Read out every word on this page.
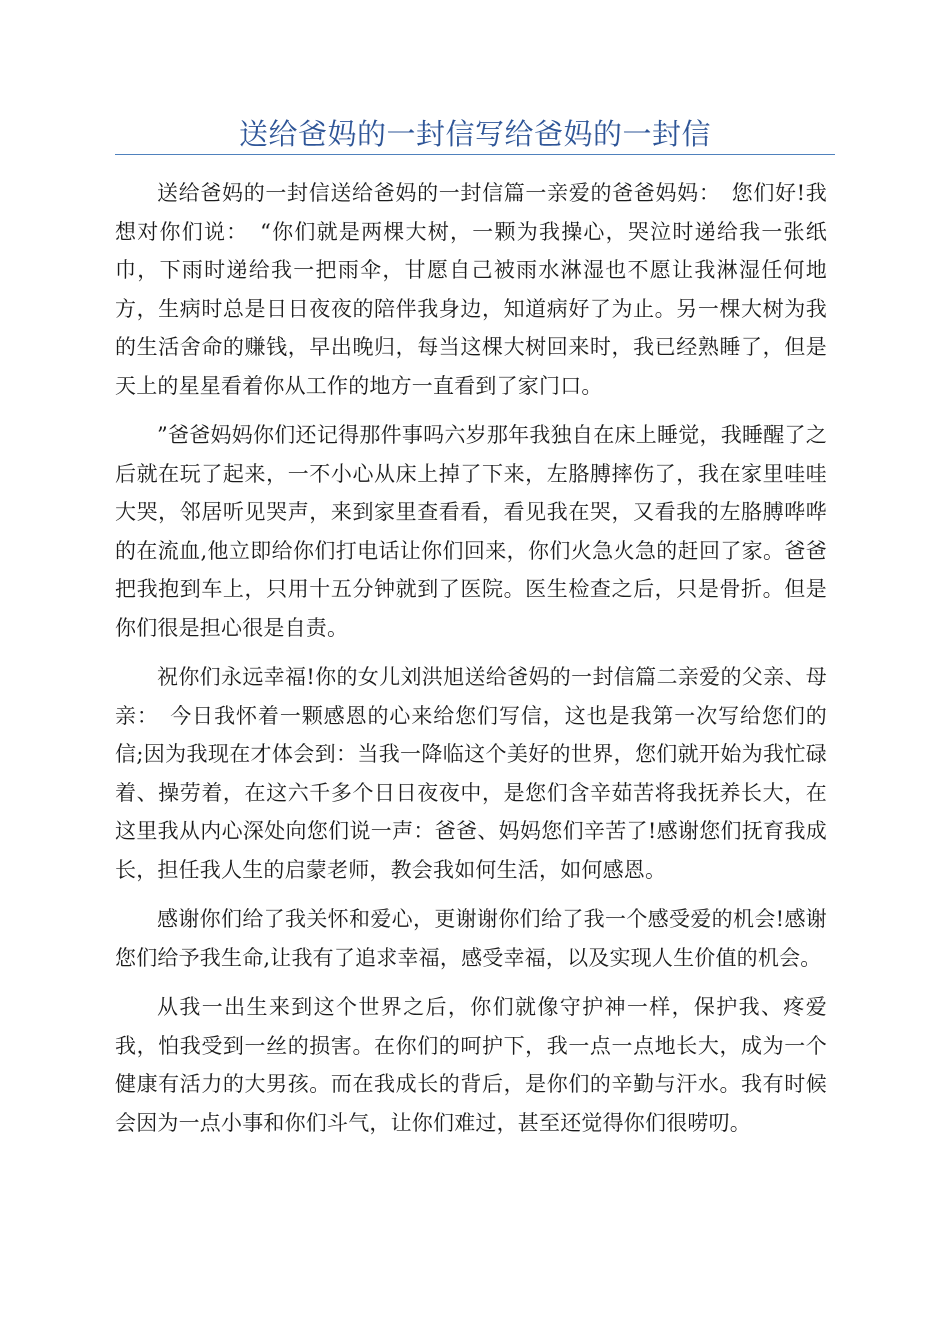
送给爸妈的一封信写给爸妈的一封信

送给爸妈的一封信送给爸妈的一封信篇一亲爱的爸爸妈妈：　您们好!我想对你们说：　“你们就是两棵大树，一颗为我操心，哭泣时递给我一张纸巾，下雨时递给我一把雨伞，甘愿自己被雨水淋湿也不愿让我淋湿任何地方，生病时总是日日夜夜的陪伴我身边，知道病好了为止。另一棵大树为我的生活舍命的赚钱，早出晚归，每当这棵大树回来时，我已经熟睡了，但是天上的星星看着你从工作的地方一直看到了家门口。

”爸爸妈妈你们还记得那件事吗六岁那年我独自在床上睡觉，我睡醒了之后就在玩了起来，一不小心从床上掉了下来，左胳膊摔伤了，我在家里哇哇大哭，邻居听见哭声，来到家里查看看，看见我在哭，又看我的左胳膊哗哗的在流血,他立即给你们打电话让你们回来，你们火急火急的赶回了家。爸爸把我抱到车上，只用十五分钟就到了医院。医生检查之后，只是骨折。但是你们很是担心很是自责。

祝你们永远幸福!你的女儿刘洪旭送给爸妈的一封信篇二亲爱的父亲、母亲：　今日我怀着一颗感恩的心来给您们写信，这也是我第一次写给您们的信;因为我现在才体会到：当我一降临这个美好的世界，您们就开始为我忙碌着、操劳着，在这六千多个日日夜夜中，是您们含辛茹苦将我抚养长大，在这里我从内心深处向您们说一声：爸爸、妈妈您们辛苦了!感谢您们抚育我成长，担任我人生的启蒙老师，教会我如何生活，如何感恩。

感谢你们给了我关怀和爱心，更谢谢你们给了我一个感受爱的机会!感谢您们给予我生命,让我有了追求幸福，感受幸福，以及实现人生价值的机会。

从我一出生来到这个世界之后，你们就像守护神一样，保护我、疼爱我，怕我受到一丝的损害。在你们的呵护下，我一点一点地长大，成为一个健康有活力的大男孩。而在我成长的背后，是你们的辛勤与汗水。我有时候会因为一点小事和你们斗气，让你们难过，甚至还觉得你们很唠叨。
